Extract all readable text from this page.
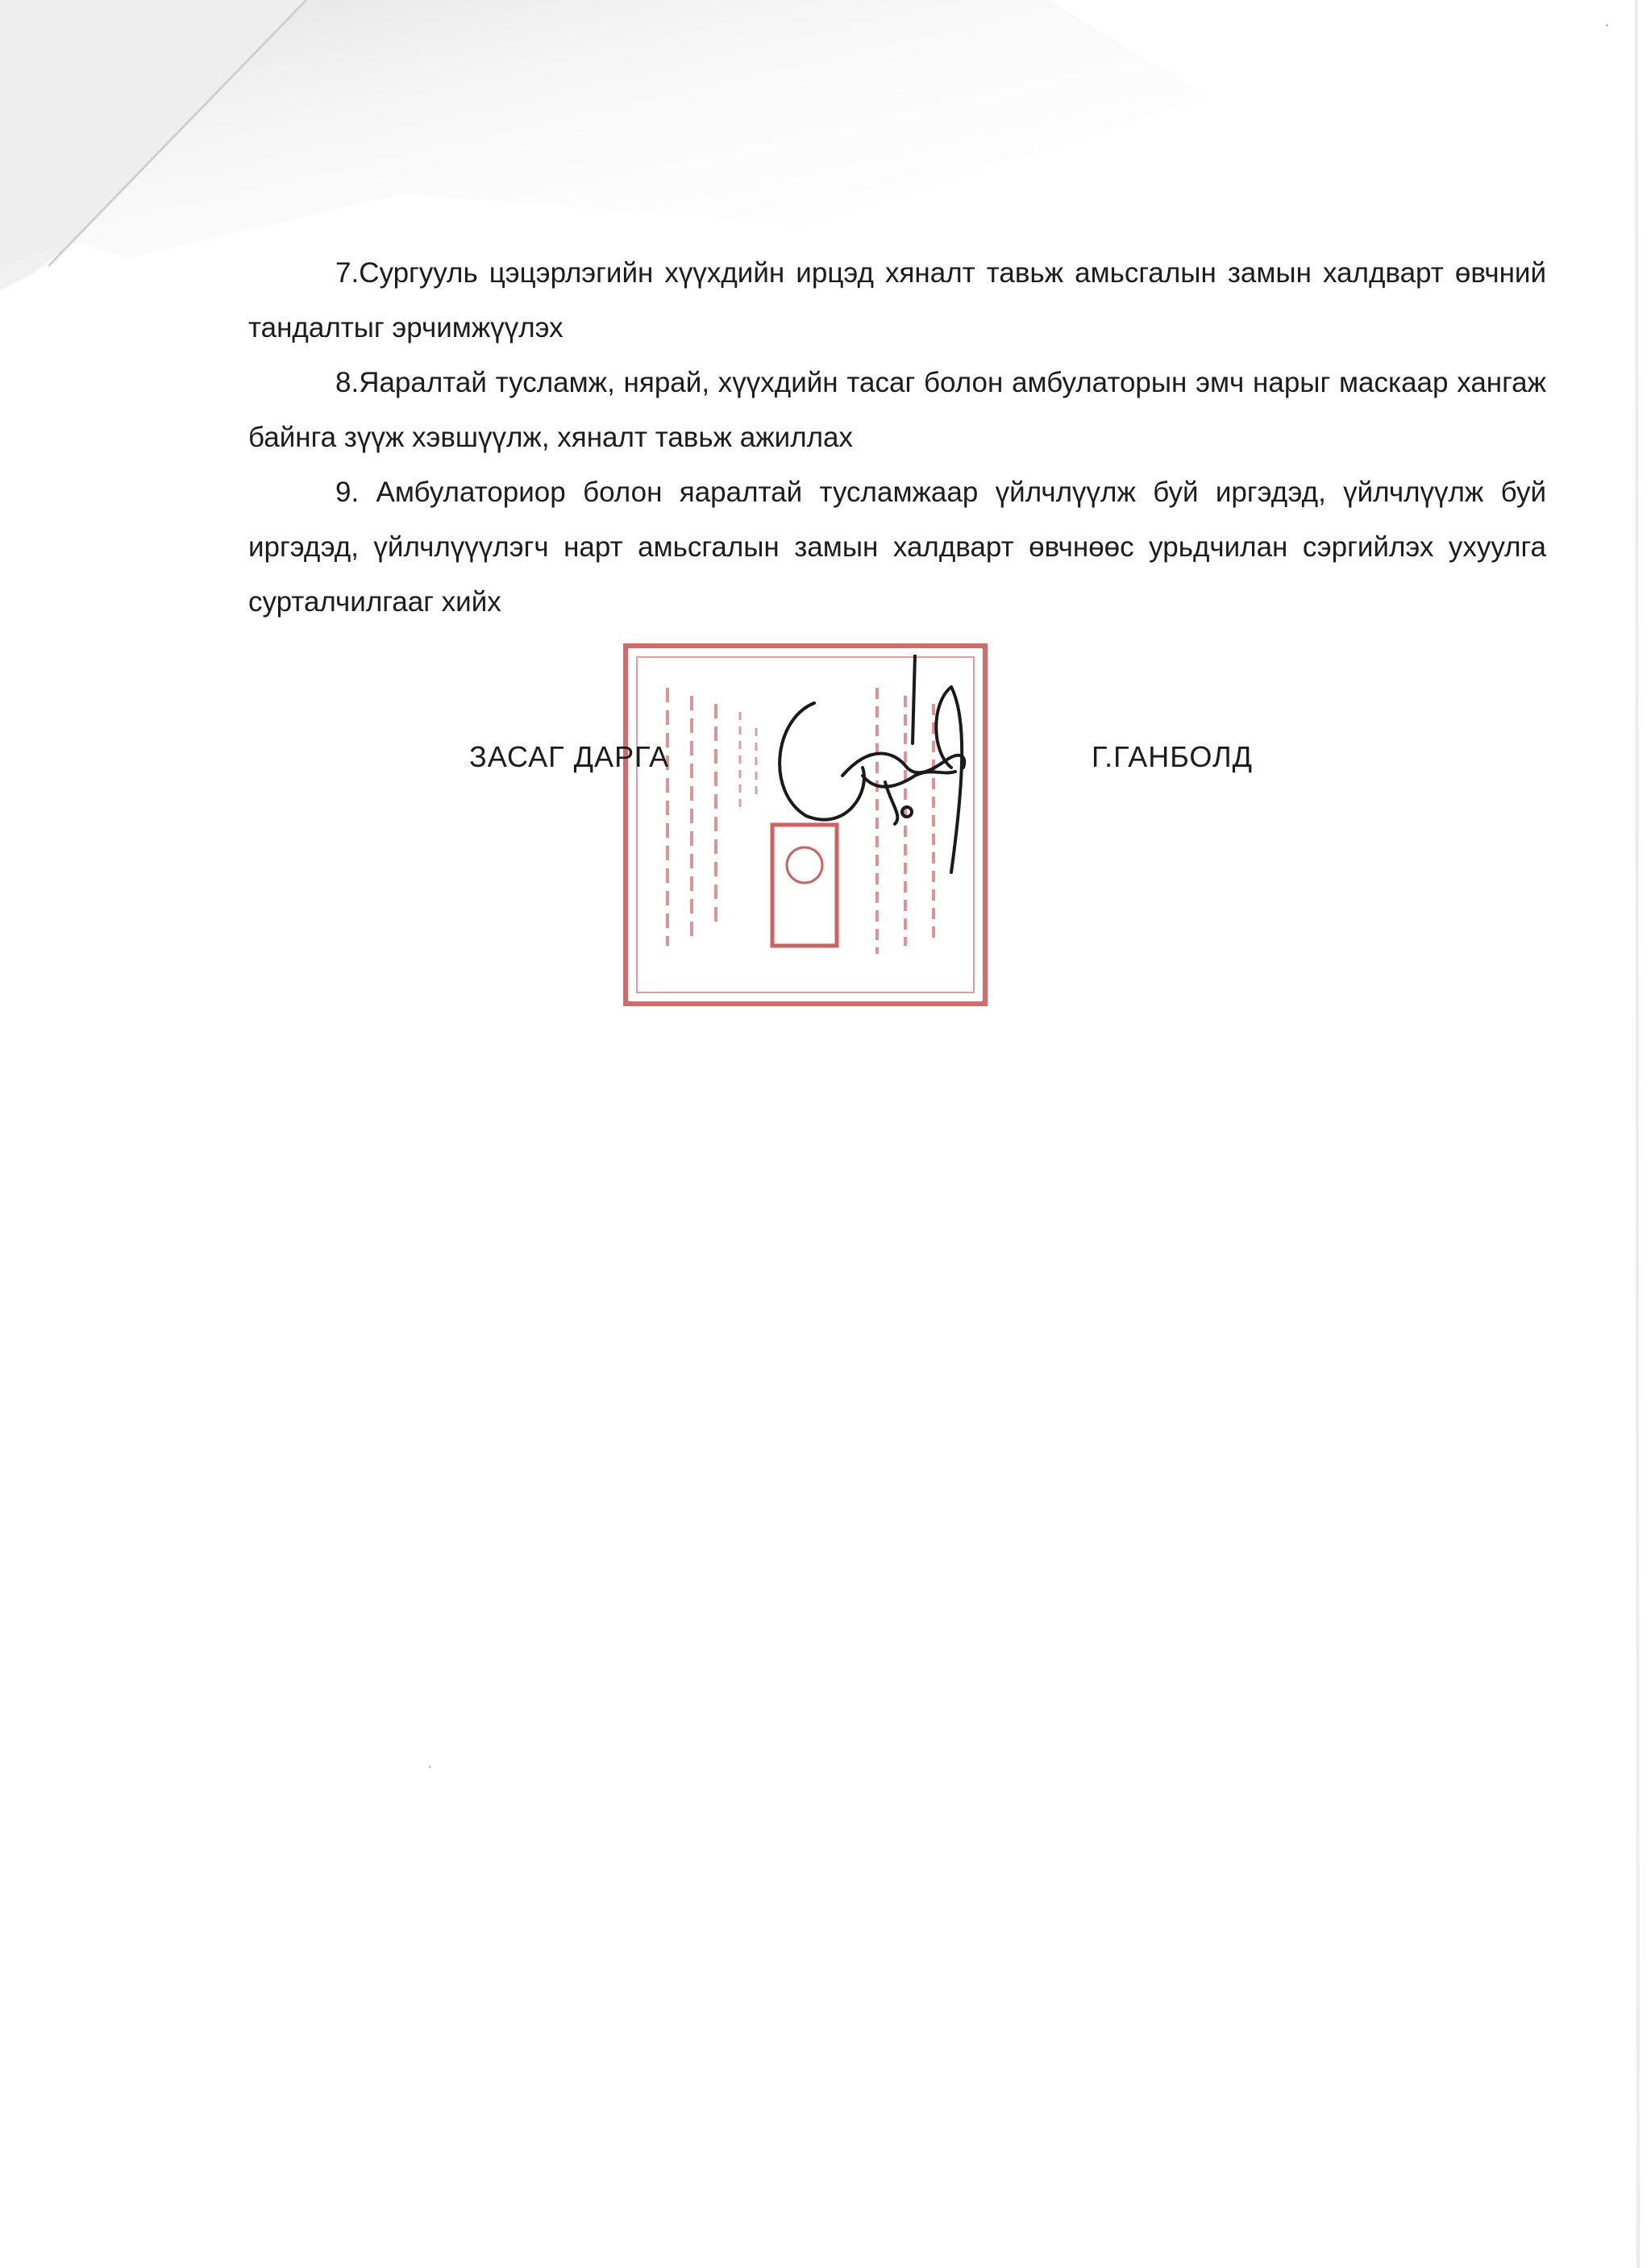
7.Сургууль цэцэрлэгийн хүүхдийн ирцэд хяналт тавьж амьсгалын замын халдварт өвчний тандалтыг эрчимжүүлэх

8.Яаралтай тусламж, нярай, хүүхдийн тасаг болон амбулаторын эмч нарыг маскаар хангаж байнга зүүж хэвшүүлж, хяналт тавьж ажиллах

9. Амбулаториор болон яаралтай тусламжаар үйлчлүүлж буй иргэдэд, үйлчлүүлж буй иргэдэд, үйлчлүүүлэгч нарт амьсгалын замын халдварт өвчнөөс урьдчилан сэргийлэх ухуулга сурталчилгааг хийх

ЗАСАГ ДАРГА	Г.ГАНБОЛД
·
·
